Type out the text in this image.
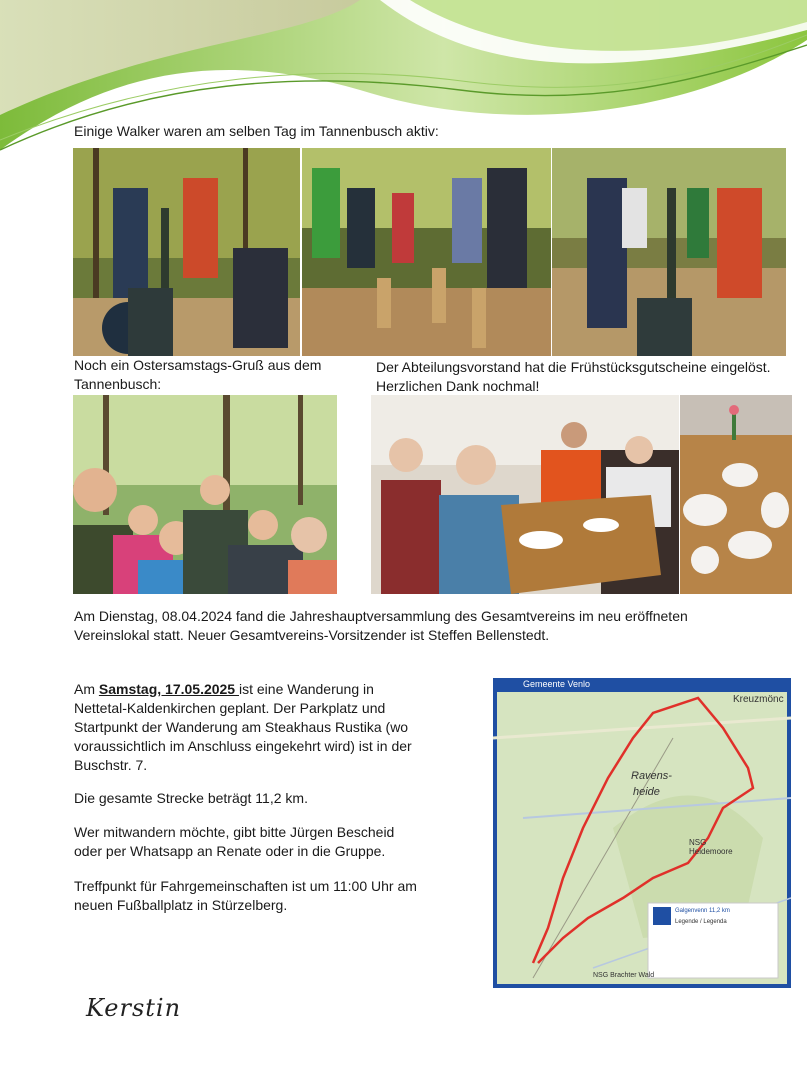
Einige Walker waren am selben Tag im Tannenbusch aktiv:
Noch ein Ostersamstags-Gruß aus dem Tannenbusch:
Der Abteilungsvorstand hat die Frühstücksgutscheine eingelöst. Herzlichen Dank nochmal!
Am Dienstag, 08.04.2024 fand die Jahreshauptversammlung des Gesamtvereins im neu eröffneten Vereinslokal statt. Neuer Gesamtvereins-Vorsitzender ist Steffen Bellenstedt.
Am Samstag, 17.05.2025 ist eine Wanderung in Nettetal-Kaldenkirchen geplant. Der Parkplatz und Startpunkt der Wanderung am Steakhaus Rustika (wo voraussichtlich im Anschluss eingekehrt wird) ist in der Buschstr. 7.
Die gesamte Strecke beträgt 11,2 km.
Wer mitwandern möchte, gibt bitte Jürgen Bescheid oder per Whatsapp an Renate oder in die Gruppe.
Treffpunkt für Fahrgemeinschaften ist um 11:00 Uhr am neuen Fußballplatz in Stürzelberg.
Gemeente Venlo
Kreuzmönc
Ravens-
heide
NSG
Heidemoore
Galgenvenn 11,2 km
Legende / Legenda
NSG Brachter Wald
Kerstin
